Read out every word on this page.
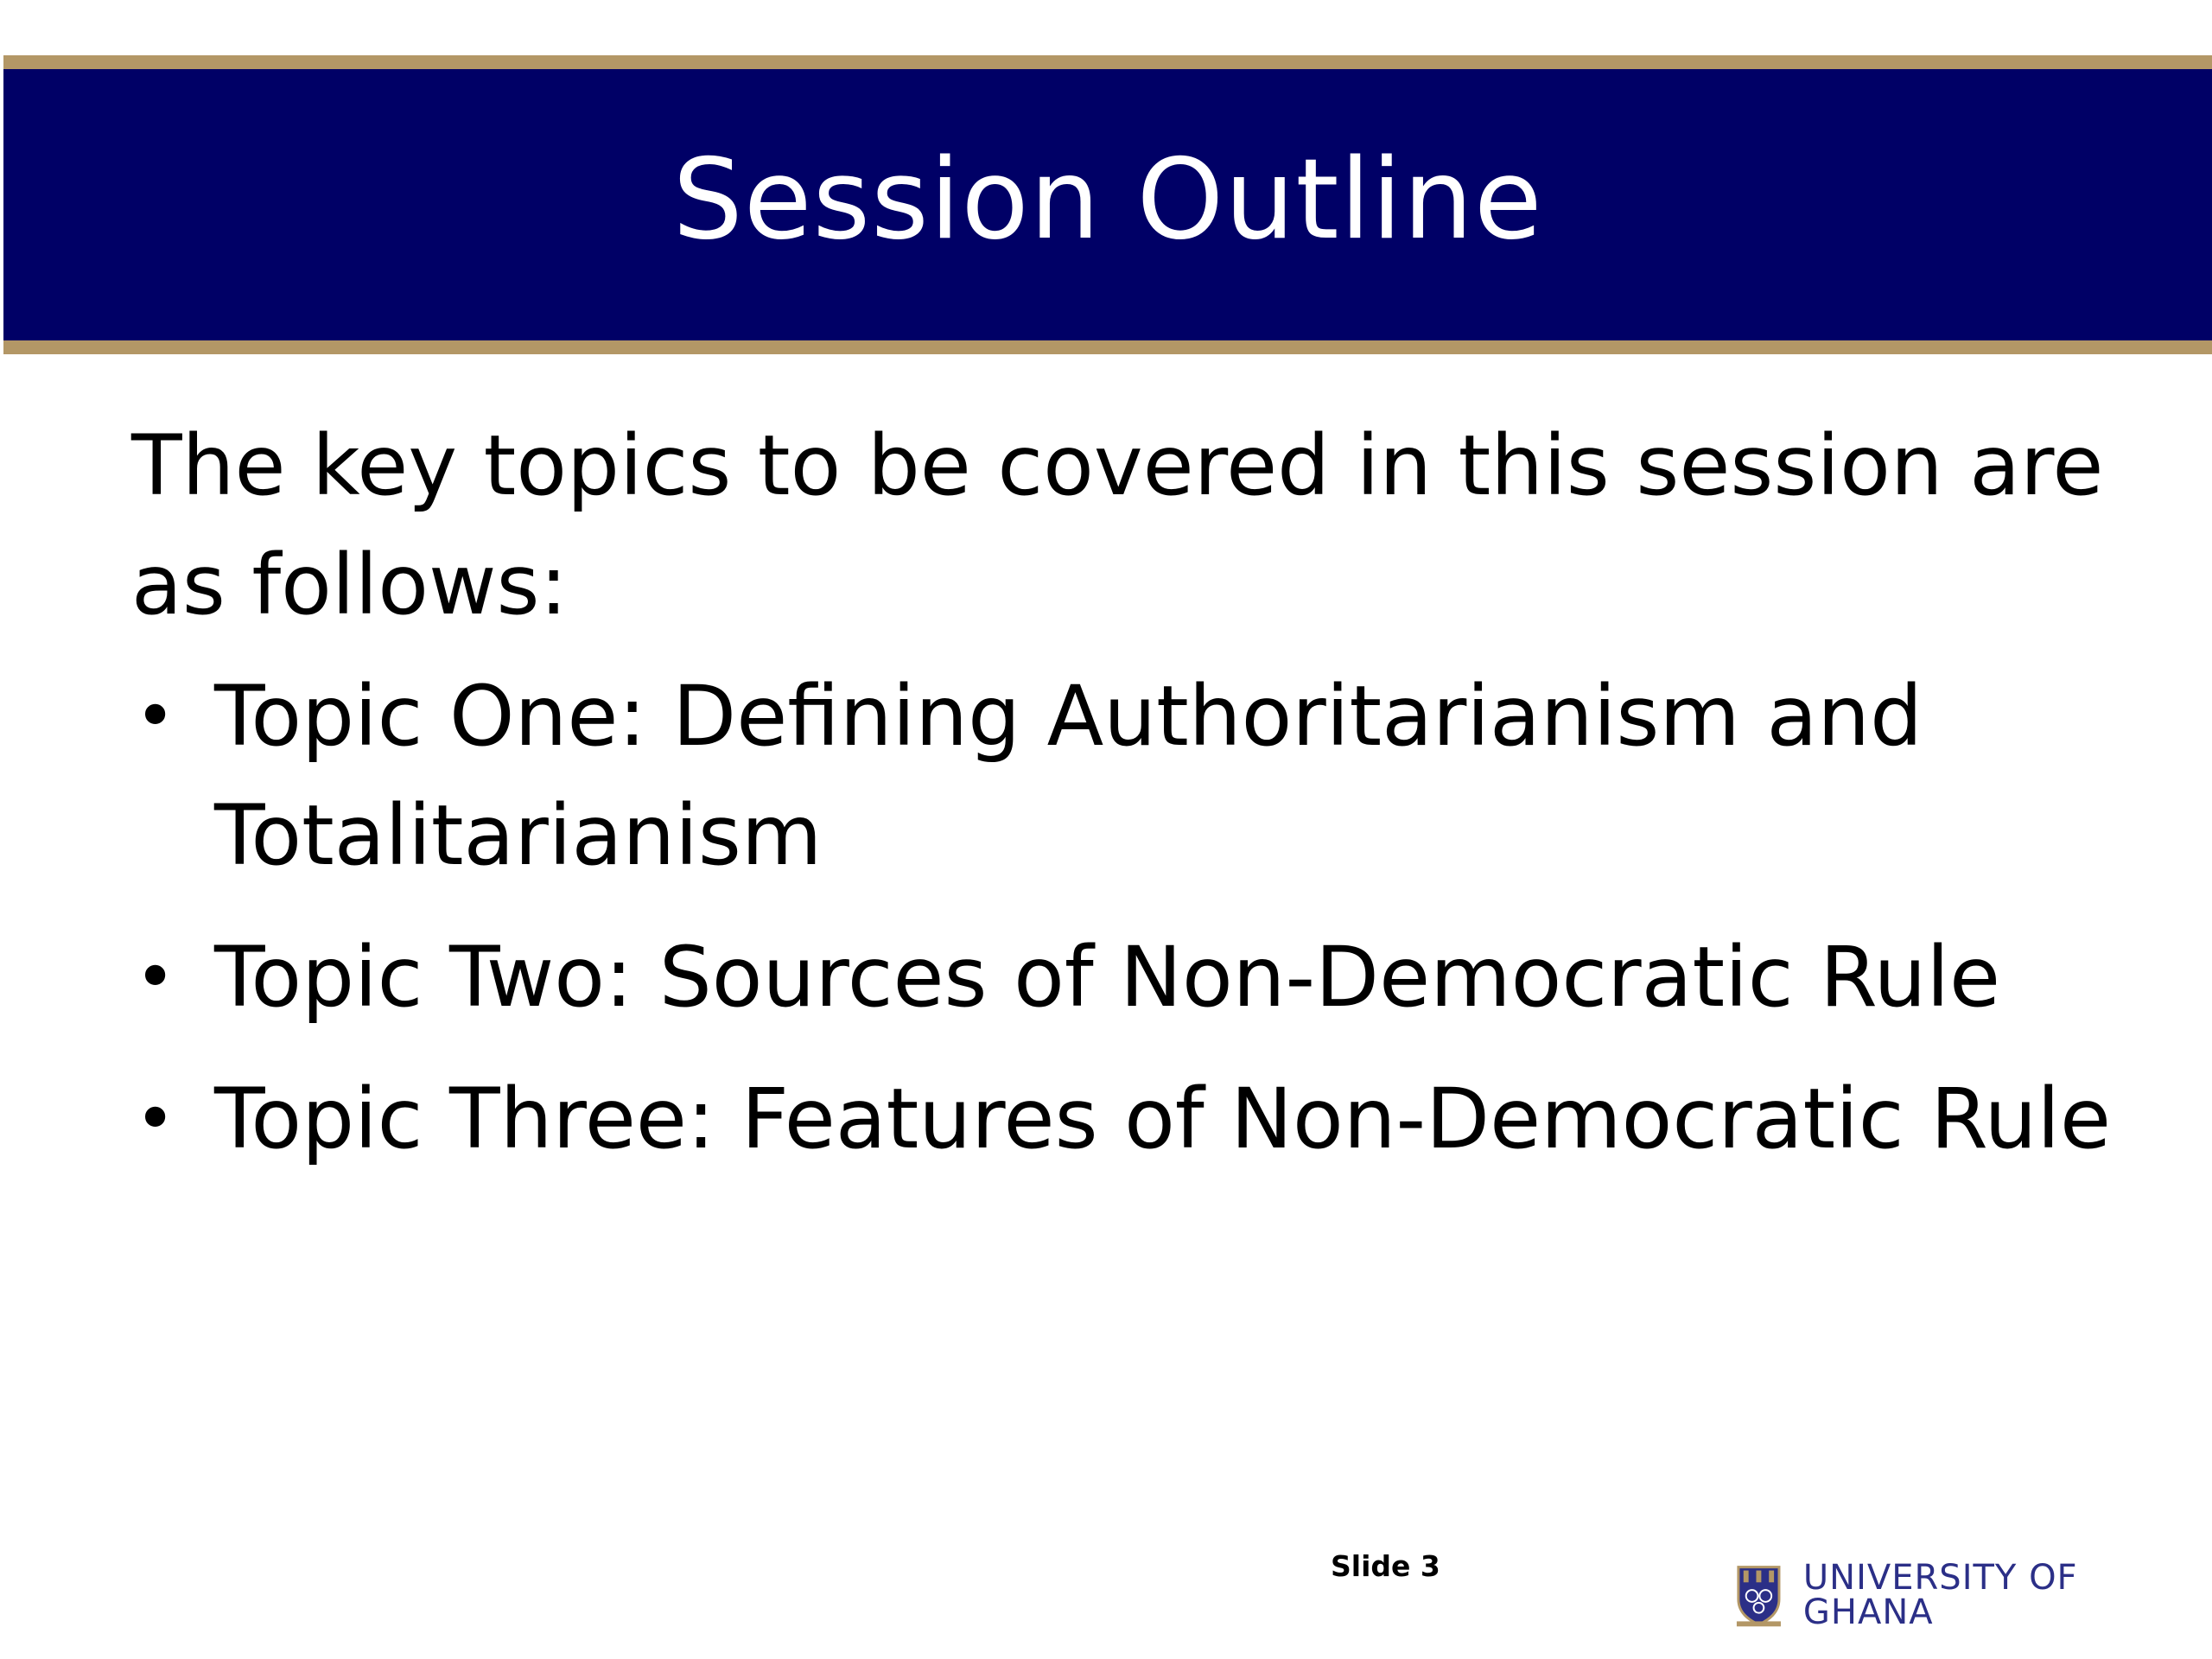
Session Outline

The key topics to be covered in this session are as follows:

• Topic One: Defining Authoritarianism and Totalitarianism
• Topic Two: Sources of Non-Democratic Rule
• Topic Three: Features of Non-Democratic Rule
Slide 3	UNIVERSITY OF GHANA
